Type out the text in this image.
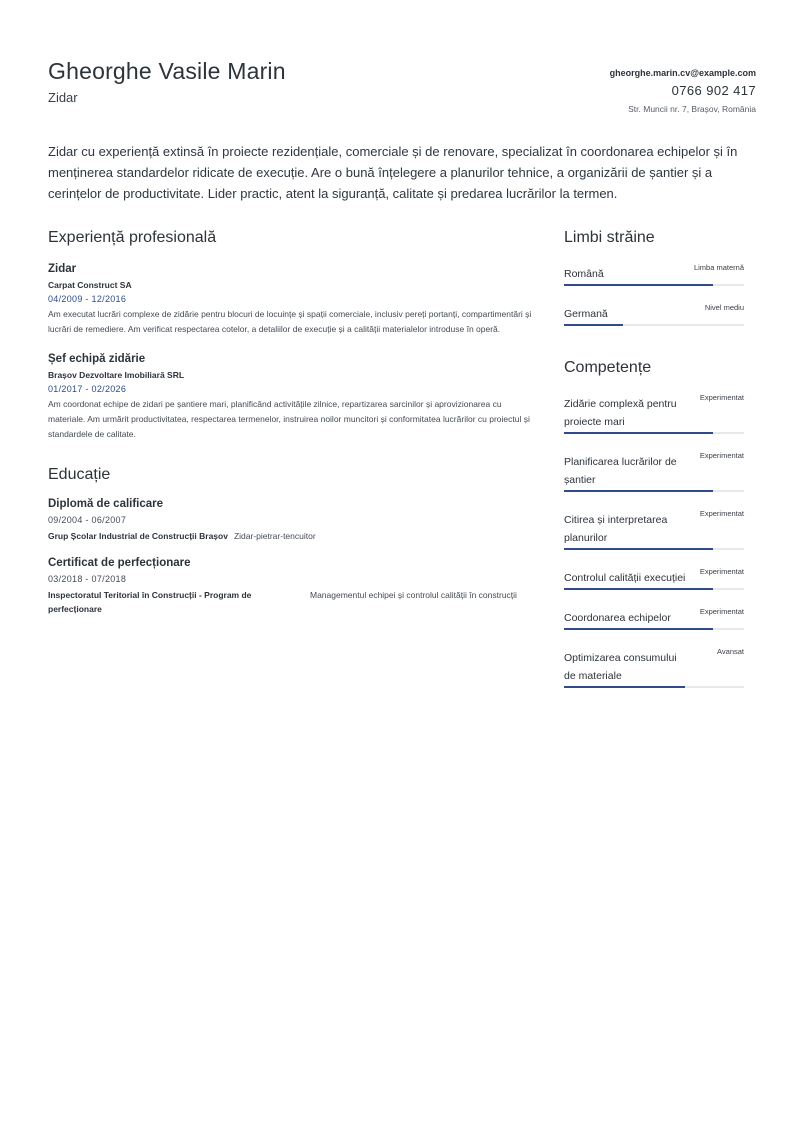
Gheorghe Vasile Marin
Zidar
gheorghe.marin.cv@example.com
0766 902 417
Str. Muncii nr. 7, Brașov, România
Zidar cu experiență extinsă în proiecte rezidențiale, comerciale și de renovare, specializat în coordonarea echipelor și în menținerea standardelor ridicate de execuție. Are o bună înțelegere a planurilor tehnice, a organizării de șantier și a cerințelor de productivitate. Lider practic, atent la siguranță, calitate și predarea lucrărilor la termen.
Experiență profesională
Zidar
Carpat Construct SA
04/2009 - 12/2016
Am executat lucrări complexe de zidărie pentru blocuri de locuințe și spații comerciale, inclusiv pereți portanți, compartimentări și lucrări de remediere. Am verificat respectarea cotelor, a detaliilor de execuție și a calității materialelor introduse în operă.
Șef echipă zidărie
Brașov Dezvoltare Imobiliară SRL
01/2017 - 02/2026
Am coordonat echipe de zidari pe șantiere mari, planificând activitățile zilnice, repartizarea sarcinilor și aprovizionarea cu materiale. Am urmărit productivitatea, respectarea termenelor, instruirea noilor muncitori și conformitatea lucrărilor cu proiectul și standardele de calitate.
Educație
Diplomă de calificare
09/2004 - 06/2007
Grup Școlar Industrial de Construcții Brașov Zidar-pietrar-tencuitor
Certificat de perfecționare
03/2018 - 07/2018
Inspectoratul Teritorial în Construcții - Program de perfecționare
Managementul echipei și controlul calității în construcții
Limbi străine
Română
Limba maternă
Germană
Nivel mediu
Competențe
Zidărie complexă pentru proiecte mari
Experimentat
Planificarea lucrărilor de șantier
Experimentat
Citirea și interpretarea planurilor
Experimentat
Controlul calității execuției
Experimentat
Coordonarea echipelor
Experimentat
Optimizarea consumului de materiale
Avansat
